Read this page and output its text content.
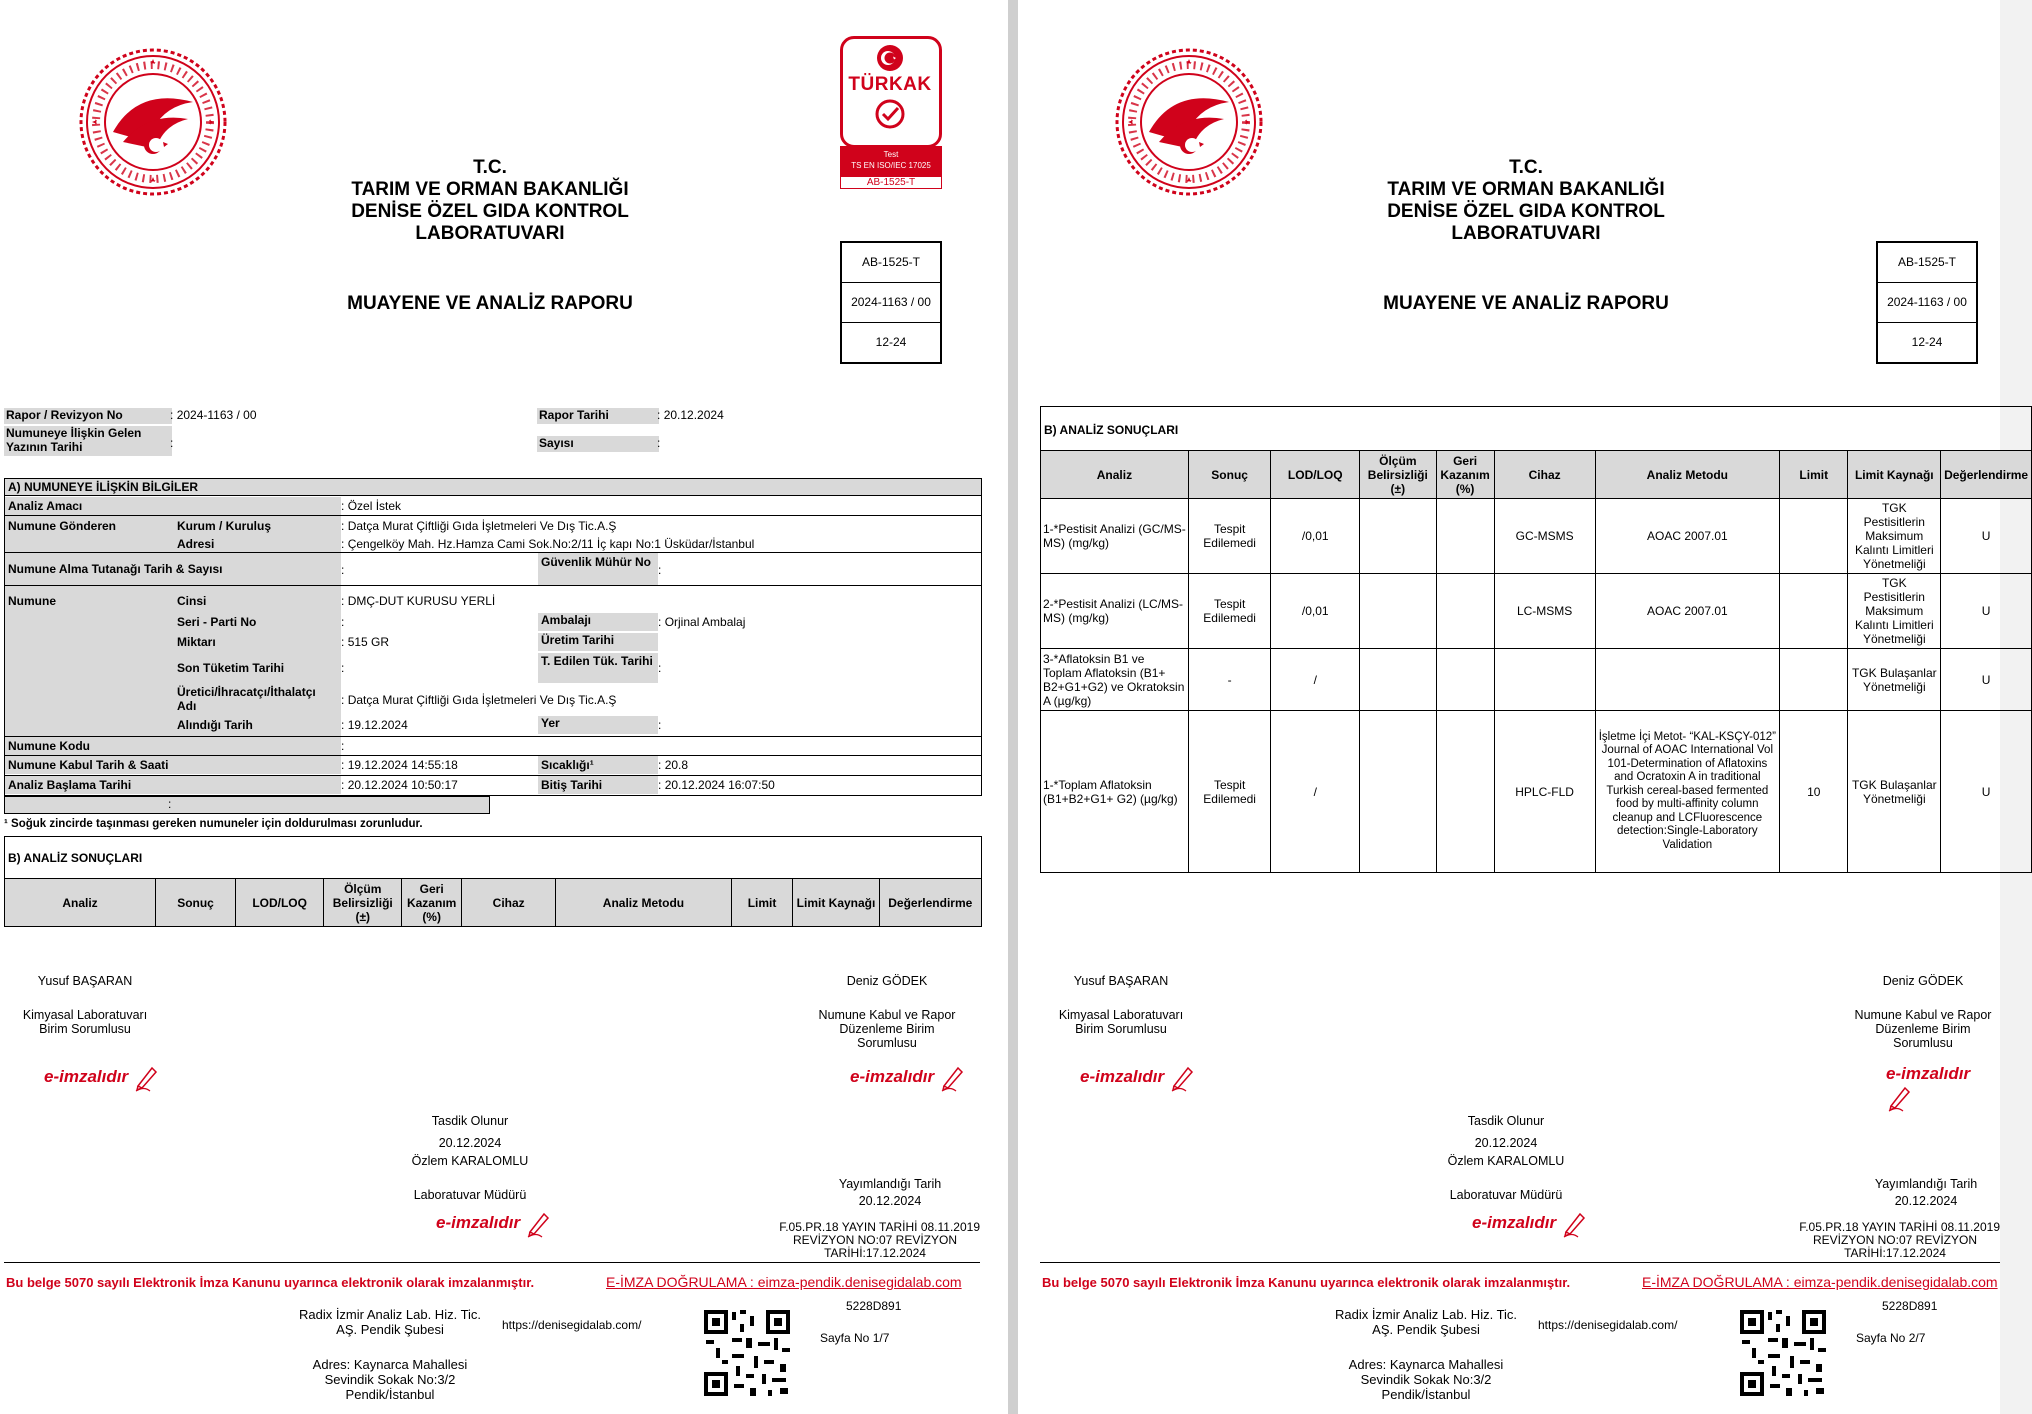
TÜRKAK
Test
TS EN ISO/IEC 17025
AB-1525-T
T.C.
TARIM VE ORMAN BAKANLIĞI
DENİSE ÖZEL GIDA KONTROL LABORATUVARI
MUAYENE VE ANALİZ RAPORU
AB-1525-T
2024-1163 / 00
12-24
Rapor / Revizyon No	: 2024-1163 / 00	Rapor Tarihi	: 20.12.2024
Numuneye İlişkin Gelen Yazının Tarihi	:	Sayısı	:
A) NUMUNEYE İLİŞKİN BİLGİLER
Analiz Amacı	: Özel İstek
Numune Gönderen	Kurum / Kuruluş	: Datça Murat Çiftliği Gıda İşletmeleri Ve Dış Tic.A.Ş
Adresi	: Çengelköy Mah. Hz.Hamza Cami Sok.No:2/11 İç kapı No:1 Üsküdar/İstanbul
Numune Alma Tutanağı Tarih & Sayısı	:
Güvenlik Mühür No
:
Numune	Cinsi	: DMÇ-DUT KURUSU YERLİ
Seri - Parti No	:	Ambalajı	: Orjinal Ambalaj
Miktarı	: 515 GR	Üretim Tarihi
Son Tüketim Tarihi	:	T. Edilen Tük. Tarihi :
Üretici/İhracatçı/İthalatçı Adı	: Datça Murat Çiftliği Gıda İşletmeleri Ve Dış Tic.A.Ş
Alındığı Tarih	: 19.12.2024	Yer	:
Numune Kodu	:
Numune Kabul Tarih & Saati	: 19.12.2024 14:55:18	Sıcaklığı¹	: 20.8
Analiz Başlama Tarihi	: 20.12.2024 10:50:17	Bitiş Tarihi	: 20.12.2024 16:07:50
:
¹ Soğuk zincirde taşınması gereken numuneler için doldurulması zorunludur.
B) ANALİZ SONUÇLARI
Analiz	Sonuç	LOD/LOQ	Ölçüm Belirsizliği (±)	Geri Kazanım (%)	Cihaz	Analiz Metodu	Limit	Limit Kaynağı	Değerlendirme
Yusuf BAŞARAN
Kimyasal Laboratuvarı Birim Sorumlusu
e-imzalıdır
Deniz GÖDEK
Numune Kabul ve Rapor Düzenleme Birim Sorumlusu
e-imzalıdır
Tasdik Olunur
20.12.2024
Özlem KARALOMLU
Laboratuvar Müdürü
e-imzalıdır
Yayımlandığı Tarih
20.12.2024
F.05.PR.18 YAYIN TARİHİ 08.11.2019
REVİZYON NO:07 REVİZYON
TARİHİ:17.12.2024
Bu belge 5070 sayılı Elektronik İmza Kanunu uyarınca elektronik olarak imzalanmıştır.	E-İMZA DOĞRULAMA : eimza-pendik.denisegidalab.com
5228D891
Radix İzmir Analiz Lab. Hiz. Tic.
AŞ. Pendik Şubesi	https://denisegidalab.com/
Sayfa No 1/7
Adres: Kaynarca Mahallesi
Sevindik Sokak No:3/2
Pendik/İstanbul
T.C.
TARIM VE ORMAN BAKANLIĞI
DENİSE ÖZEL GIDA KONTROL LABORATUVARI
MUAYENE VE ANALİZ RAPORU
AB-1525-T
2024-1163 / 00
12-24
B) ANALİZ SONUÇLARI
Analiz	Sonuç	LOD/LOQ	Ölçüm Belirsizliği (±)	Geri Kazanım (%)	Cihaz	Analiz Metodu	Limit	Limit Kaynağı	Değerlendirme
1-*Pestisit Analizi (GC/MS-MS) (mg/kg)	Tespit Edilemedi	/0,01			GC-MSMS	AOAC 2007.01		TGK Pestisitlerin Maksimum Kalıntı Limitleri Yönetmeliği	U
2-*Pestisit Analizi (LC/MS-MS) (mg/kg)	Tespit Edilemedi	/0,01			LC-MSMS	AOAC 2007.01		TGK Pestisitlerin Maksimum Kalıntı Limitleri Yönetmeliği	U
3-*Aflatoksin B1 ve Toplam Aflatoksin (B1+ B2+G1+G2) ve Okratoksin A (µg/kg)	-	/						TGK Bulaşanlar Yönetmeliği	U
1-*Toplam Aflatoksin (B1+B2+G1+ G2) (µg/kg)	Tespit Edilemedi	/			HPLC-FLD	İşletme İçi Metot- “KAL-KSÇY-012” Journal of AOAC International Vol 101-Determination of Aflatoxins and Ocratoxin A in traditional Turkish cereal-based fermented food by multi-affinity column cleanup and LCFluorescence detection:Single-Laboratory Validation	10	TGK Bulaşanlar Yönetmeliği	U
Yusuf BAŞARAN
Kimyasal Laboratuvarı Birim Sorumlusu
e-imzalıdır
Deniz GÖDEK
Numune Kabul ve Rapor Düzenleme Birim Sorumlusu
e-imzalıdır
Tasdik Olunur
20.12.2024
Özlem KARALOMLU
Laboratuvar Müdürü
e-imzalıdır
Yayımlandığı Tarih
20.12.2024
F.05.PR.18 YAYIN TARİHİ 08.11.2019
REVİZYON NO:07 REVİZYON
TARİHİ:17.12.2024
Bu belge 5070 sayılı Elektronik İmza Kanunu uyarınca elektronik olarak imzalanmıştır.	E-İMZA DOĞRULAMA : eimza-pendik.denisegidalab.com
5228D891
Radix İzmir Analiz Lab. Hiz. Tic.
AŞ. Pendik Şubesi	https://denisegidalab.com/
Sayfa No 2/7
Adres: Kaynarca Mahallesi
Sevindik Sokak No:3/2
Pendik/İstanbul
